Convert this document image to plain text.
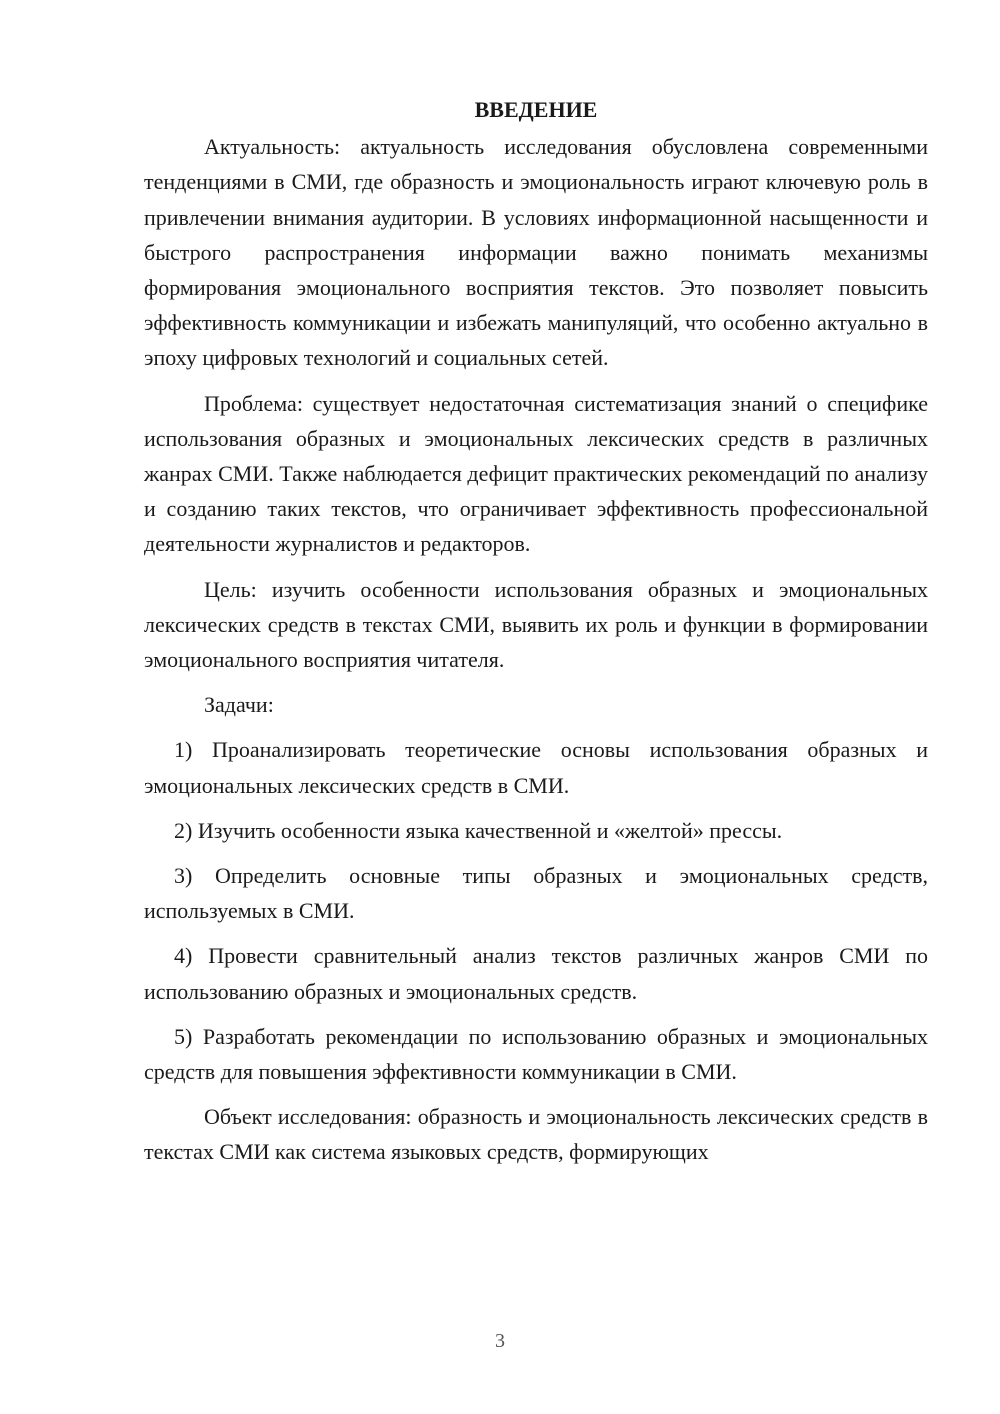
ВВЕДЕНИЕ

Актуальность: актуальность исследования обусловлена современными тенденциями в СМИ, где образность и эмоциональность играют ключевую роль в привлечении внимания аудитории. В условиях информационной насыщенности и быстрого распространения информации важно понимать механизмы формирования эмоционального восприятия текстов. Это позволяет повысить эффективность коммуникации и избежать манипуляций, что особенно актуально в эпоху цифровых технологий и социальных сетей.

Проблема: существует недостаточная систематизация знаний о специфике использования образных и эмоциональных лексических средств в различных жанрах СМИ. Также наблюдается дефицит практических рекомендаций по анализу и созданию таких текстов, что ограничивает эффективность профессиональной деятельности журналистов и редакторов.

Цель: изучить особенности использования образных и эмоциональных лексических средств в текстах СМИ, выявить их роль и функции в формировании эмоционального восприятия читателя.

Задачи:

1) Проанализировать теоретические основы использования образных и эмоциональных лексических средств в СМИ.

2) Изучить особенности языка качественной и «желтой» прессы.

3) Определить основные типы образных и эмоциональных средств, используемых в СМИ.

4) Провести сравнительный анализ текстов различных жанров СМИ по использованию образных и эмоциональных средств.

5) Разработать рекомендации по использованию образных и эмоциональных средств для повышения эффективности коммуникации в СМИ.

Объект исследования: образность и эмоциональность лексических средств в текстах СМИ как система языковых средств, формирующих

3
